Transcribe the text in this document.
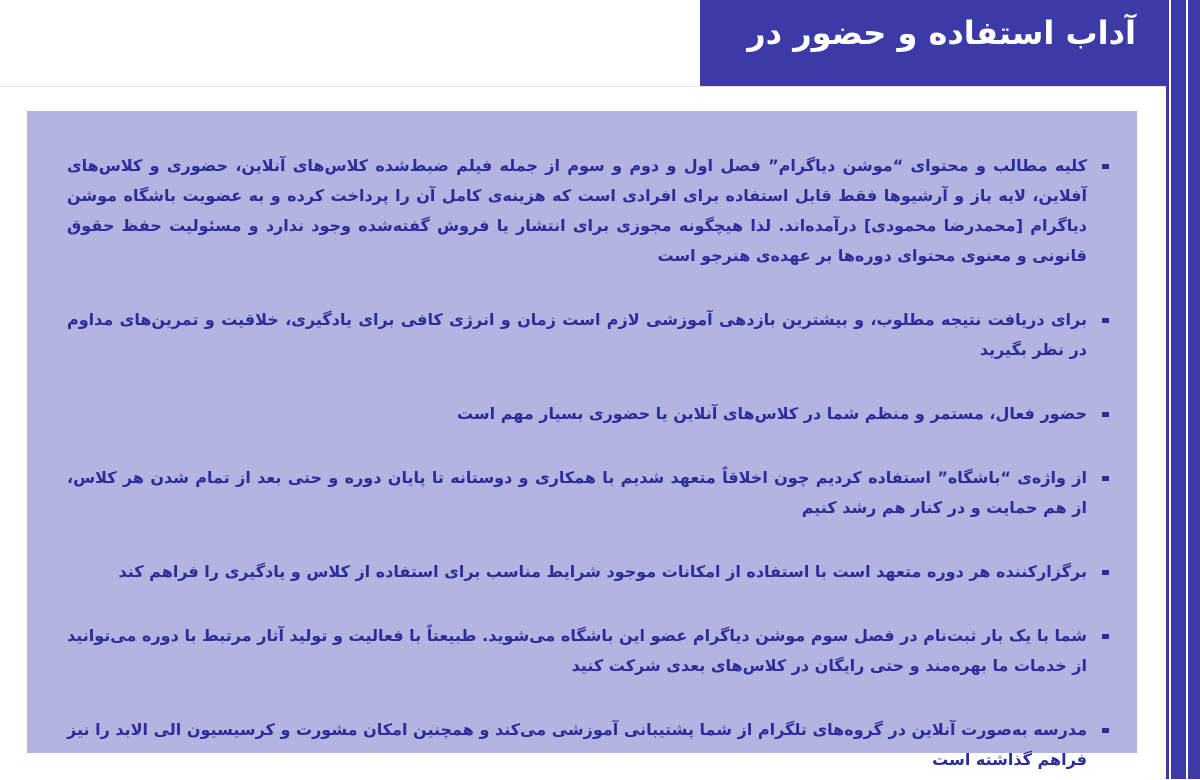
آداب استفاده و حضور در
کلیه مطالب و محتوای “موشن دیاگرام” فصل اول و دوم و سوم از جمله فیلم ضبط‌شده کلاس‌های آنلاین، حضوری و کلاس‌های آفلاین، لایه باز و آرشیوها فقط قابل استفاده برای افرادی است که هزینه‌ی کامل آن را پرداخت کرده و به عضویت باشگاه موشن دیاگرام [محمدرضا محمودی] درآمده‌اند. لذا هیچگونه مجوزی برای انتشار یا فروش گفته‌شده وجود ندارد و مسئولیت حفظ حقوق قانونی و معنوی محتوای دوره‌ها بر عهده‌ی هنرجو است
برای دریافت نتیجه مطلوب، و بیشترین بازدهی آموزشی لازم است زمان و انرژی کافی برای یادگیری، خلاقیت و تمرین‌های مداوم در نظر بگیرید
حضور فعال، مستمر و منظم شما در کلاس‌های آنلاین یا حضوری بسیار مهم است
از واژه‌ی “باشگاه” استفاده کردیم چون اخلاقاً متعهد شدیم با همکاری و دوستانه تا پایان دوره و حتی بعد از تمام شدن هر کلاس، از هم حمایت و در کنار هم رشد کنیم
برگزارکننده هر دوره متعهد است با استفاده از امکانات موجود شرایط مناسب برای استفاده از کلاس و یادگیری را فراهم کند
شما با یک بار ثبت‌نام در فصل سوم موشن دیاگرام عضو این باشگاه می‌شوید. طبیعتاً با فعالیت و تولید آثار مرتبط با دوره می‌توانید از خدمات ما بهره‌مند و حتی رایگان در کلاس‌های بعدی شرکت کنید
مدرسه به‌صورت آنلاین در گروه‌های تلگرام از شما پشتیبانی آموزشی می‌کند و همچنین امکان مشورت و کرسیسیون الی الابد را نیز فراهم گذاشته است
